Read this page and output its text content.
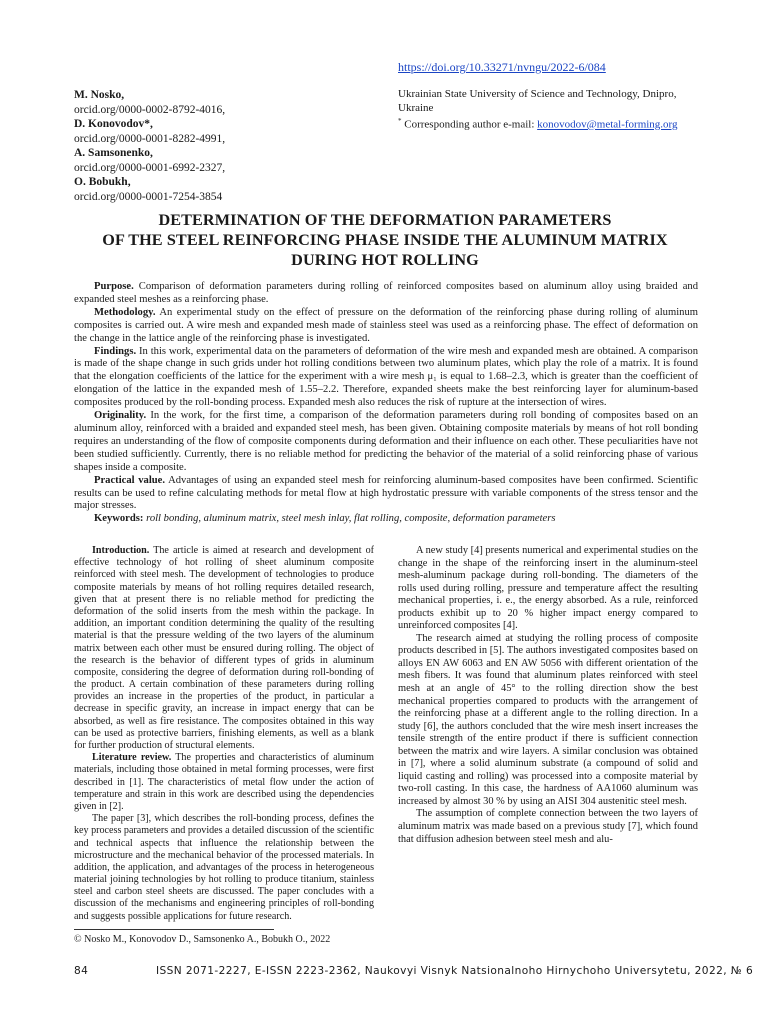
https://doi.org/10.33271/nvngu/2022-6/084
M. Nosko,
orcid.org/0000-0002-8792-4016,
D. Konovodov*,
orcid.org/0000-0001-8282-4991,
A. Samsonenko,
orcid.org/0000-0001-6992-2327,
O. Bobukh,
orcid.org/0000-0001-7254-3854
Ukrainian State University of Science and Technology, Dnipro, Ukraine
* Corresponding author e-mail: konovodov@metal-forming.org
DETERMINATION OF THE DEFORMATION PARAMETERS
OF THE STEEL REINFORCING PHASE INSIDE THE ALUMINUM MATRIX
DURING HOT ROLLING

Purpose. Comparison of deformation parameters during rolling of reinforced composites based on aluminum alloy using braided and expanded steel meshes as a reinforcing phase.

Methodology. An experimental study on the effect of pressure on the deformation of the reinforcing phase during rolling of aluminum composites is carried out. A wire mesh and expanded mesh made of stainless steel was used as a reinforcing phase. The effect of deformation on the change in the lattice angle of the reinforcing phase is investigated.

Findings. In this work, experimental data on the parameters of deformation of the wire mesh and expanded mesh are obtained. A comparison is made of the shape change in such grids under hot rolling conditions between two aluminum plates, which play the role of a matrix. It is found that the elongation coefficients of the lattice for the experiment with a wire mesh μ₁ is equal to 1.68–2.3, which is greater than the coefficient of elongation of the lattice in the expanded mesh of 1.55–2.2. Therefore, expanded sheets make the best reinforcing layer for aluminum-based composites produced by the roll-bonding process. Expanded mesh also reduces the risk of rupture at the intersection of wires.

Originality. In the work, for the first time, a comparison of the deformation parameters during roll bonding of composites based on an aluminum alloy, reinforced with a braided and expanded steel mesh, has been given. Obtaining composite materials by means of hot roll bonding requires an understanding of the flow of composite components during deformation and their influence on each other. These peculiarities have not been studied sufficiently. Currently, there is no reliable method for predicting the behavior of the material of a solid reinforcing phase of various shapes inside a composite.

Practical value. Advantages of using an expanded steel mesh for reinforcing aluminum-based composites have been confirmed. Scientific results can be used to refine calculating methods for metal flow at high hydrostatic pressure with variable components of the stress tensor and the major stresses.

Keywords: roll bonding, aluminum matrix, steel mesh inlay, flat rolling, composite, deformation parameters

Introduction. The article is aimed at research and development of effective technology of hot rolling of sheet aluminum composite reinforced with steel mesh. The development of technologies to produce composite materials by means of hot rolling requires detailed research, given that at present there is no reliable method for predicting the deformation of the solid inserts from the mesh within the package. In addition, an important condition determining the quality of the resulting material is that the pressure welding of the two layers of the aluminum matrix between each other must be ensured during rolling. The object of the research is the behavior of different types of grids in aluminum composite, considering the degree of deformation during roll-bonding of the product. A certain combination of these parameters during rolling provides an increase in the properties of the product, in particular a decrease in specific gravity, an increase in impact energy that can be absorbed, as well as fire resistance. The composites obtained in this way can be used as protective barriers, finishing elements, as well as a blank for further production of structural elements.

Literature review. The properties and characteristics of aluminum materials, including those obtained in metal forming processes, were first described in [1]. The characteristics of metal flow under the action of temperature and strain in this work are described using the dependencies given in [2].

The paper [3], which describes the roll-bonding process, defines the key process parameters and provides a detailed discussion of the scientific and technical aspects that influence the relationship between the microstructure and the mechanical behavior of the processed materials. In addition, the application, and advantages of the process in heterogeneous material joining technologies by hot rolling to produce titanium, stainless steel and carbon steel sheets are discussed. The paper concludes with a discussion of the mechanisms and engineering principles of roll-bonding and suggests possible applications for future research.

A new study [4] presents numerical and experimental studies on the change in the shape of the reinforcing insert in the aluminum-steel mesh-aluminum package during roll-bonding. The diameters of the rolls used during rolling, pressure and temperature affect the resulting mechanical properties, i. e., the energy absorbed. As a rule, reinforced products exhibit up to 20 % higher impact energy compared to unreinforced composites [4].

The research aimed at studying the rolling process of composite products described in [5]. The authors investigated composites based on alloys EN AW 6063 and EN AW 5056 with different orientation of the mesh fibers. It was found that aluminum plates reinforced with steel mesh at an angle of 45° to the rolling direction show the best mechanical properties compared to products with the arrangement of the reinforcing phase at a different angle to the rolling direction. In a study [6], the authors concluded that the wire mesh insert increases the tensile strength of the entire product if there is sufficient connection between the matrix and wire layers. A similar conclusion was obtained in [7], where a solid aluminum substrate (a compound of solid and liquid casting and rolling) was processed into a composite material by two-roll casting. In this case, the hardness of AA1060 aluminum was increased by almost 30 % by using an AISI 304 austenitic steel mesh.

The assumption of complete connection between the two layers of aluminum matrix was made based on a previous study [7], which found that diffusion adhesion between steel mesh and alu-

© Nosko M., Konovodov D., Samsonenko A., Bobukh O., 2022
84	ISSN 2071-2227, E-ISSN 2223-2362, Naukovyi Visnyk Natsionalnoho Hirnychoho Universytetu, 2022, № 6
